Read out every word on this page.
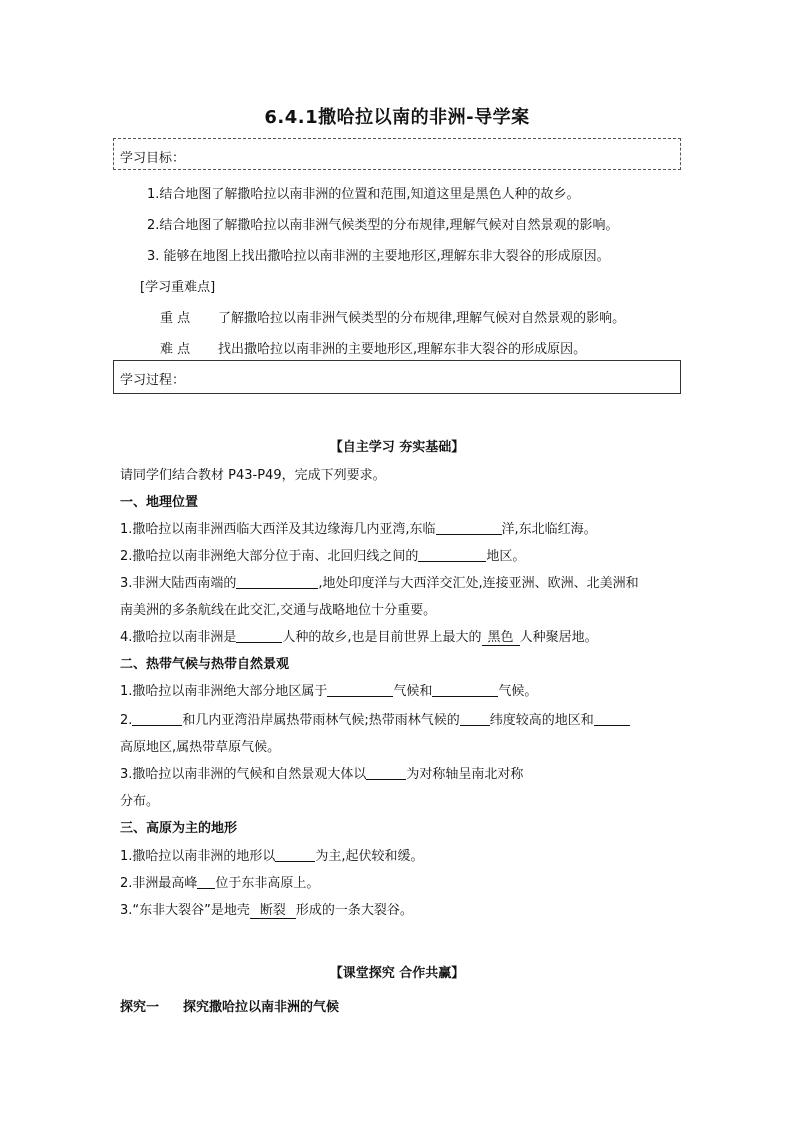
6.4.1撒哈拉以南的非洲-导学案
学习目标：
1.结合地图了解撒哈拉以南非洲的位置和范围,知道这里是黑色人种的故乡。
2.结合地图了解撒哈拉以南非洲气候类型的分布规律,理解气候对自然景观的影响。
3. 能够在地图上找出撒哈拉以南非洲的主要地形区,理解东非大裂谷的形成原因。
[学习重难点]
重 点 了解撒哈拉以南非洲气候类型的分布规律,理解气候对自然景观的影响。
难 点 找出撒哈拉以南非洲的主要地形区,理解东非大裂谷的形成原因。
学习过程：
【自主学习 夯实基础】
请同学们结合教材 P43-P49，完成下列要求。
一、地理位置
1.撒哈拉以南非洲西临大西洋及其边缘海几内亚湾,东临	洋,东北临红海。
2.撒哈拉以南非洲绝大部分位于南、北回归线之间的	地区。
3.非洲大陆西南端的	,地处印度洋与大西洋交汇处,连接亚洲、欧洲、北美洲和
南美洲的多条航线在此交汇,交通与战略地位十分重要。
4.撒哈拉以南非洲是	人种的故乡,也是目前世界上最大的 黑色 人种聚居地。
二、热带气候与热带自然景观
1.撒哈拉以南非洲绝大部分地区属于	气候和	气候。
2.	和几内亚湾沿岸属热带雨林气候;热带雨林气候的 纬度较高的地区和
高原地区,属热带草原气候。
3.撒哈拉以南非洲的气候和自然景观大体以	为对称轴呈南北对称
分布。
三、高原为主的地形
1.撒哈拉以南非洲的地形以	为主,起伏较和缓。
2.非洲最高峰 位于东非高原上。
3.“东非大裂谷”是地壳 断裂 形成的一条大裂谷。
【课堂探究 合作共赢】
探究一 探究撒哈拉以南非洲的气候
